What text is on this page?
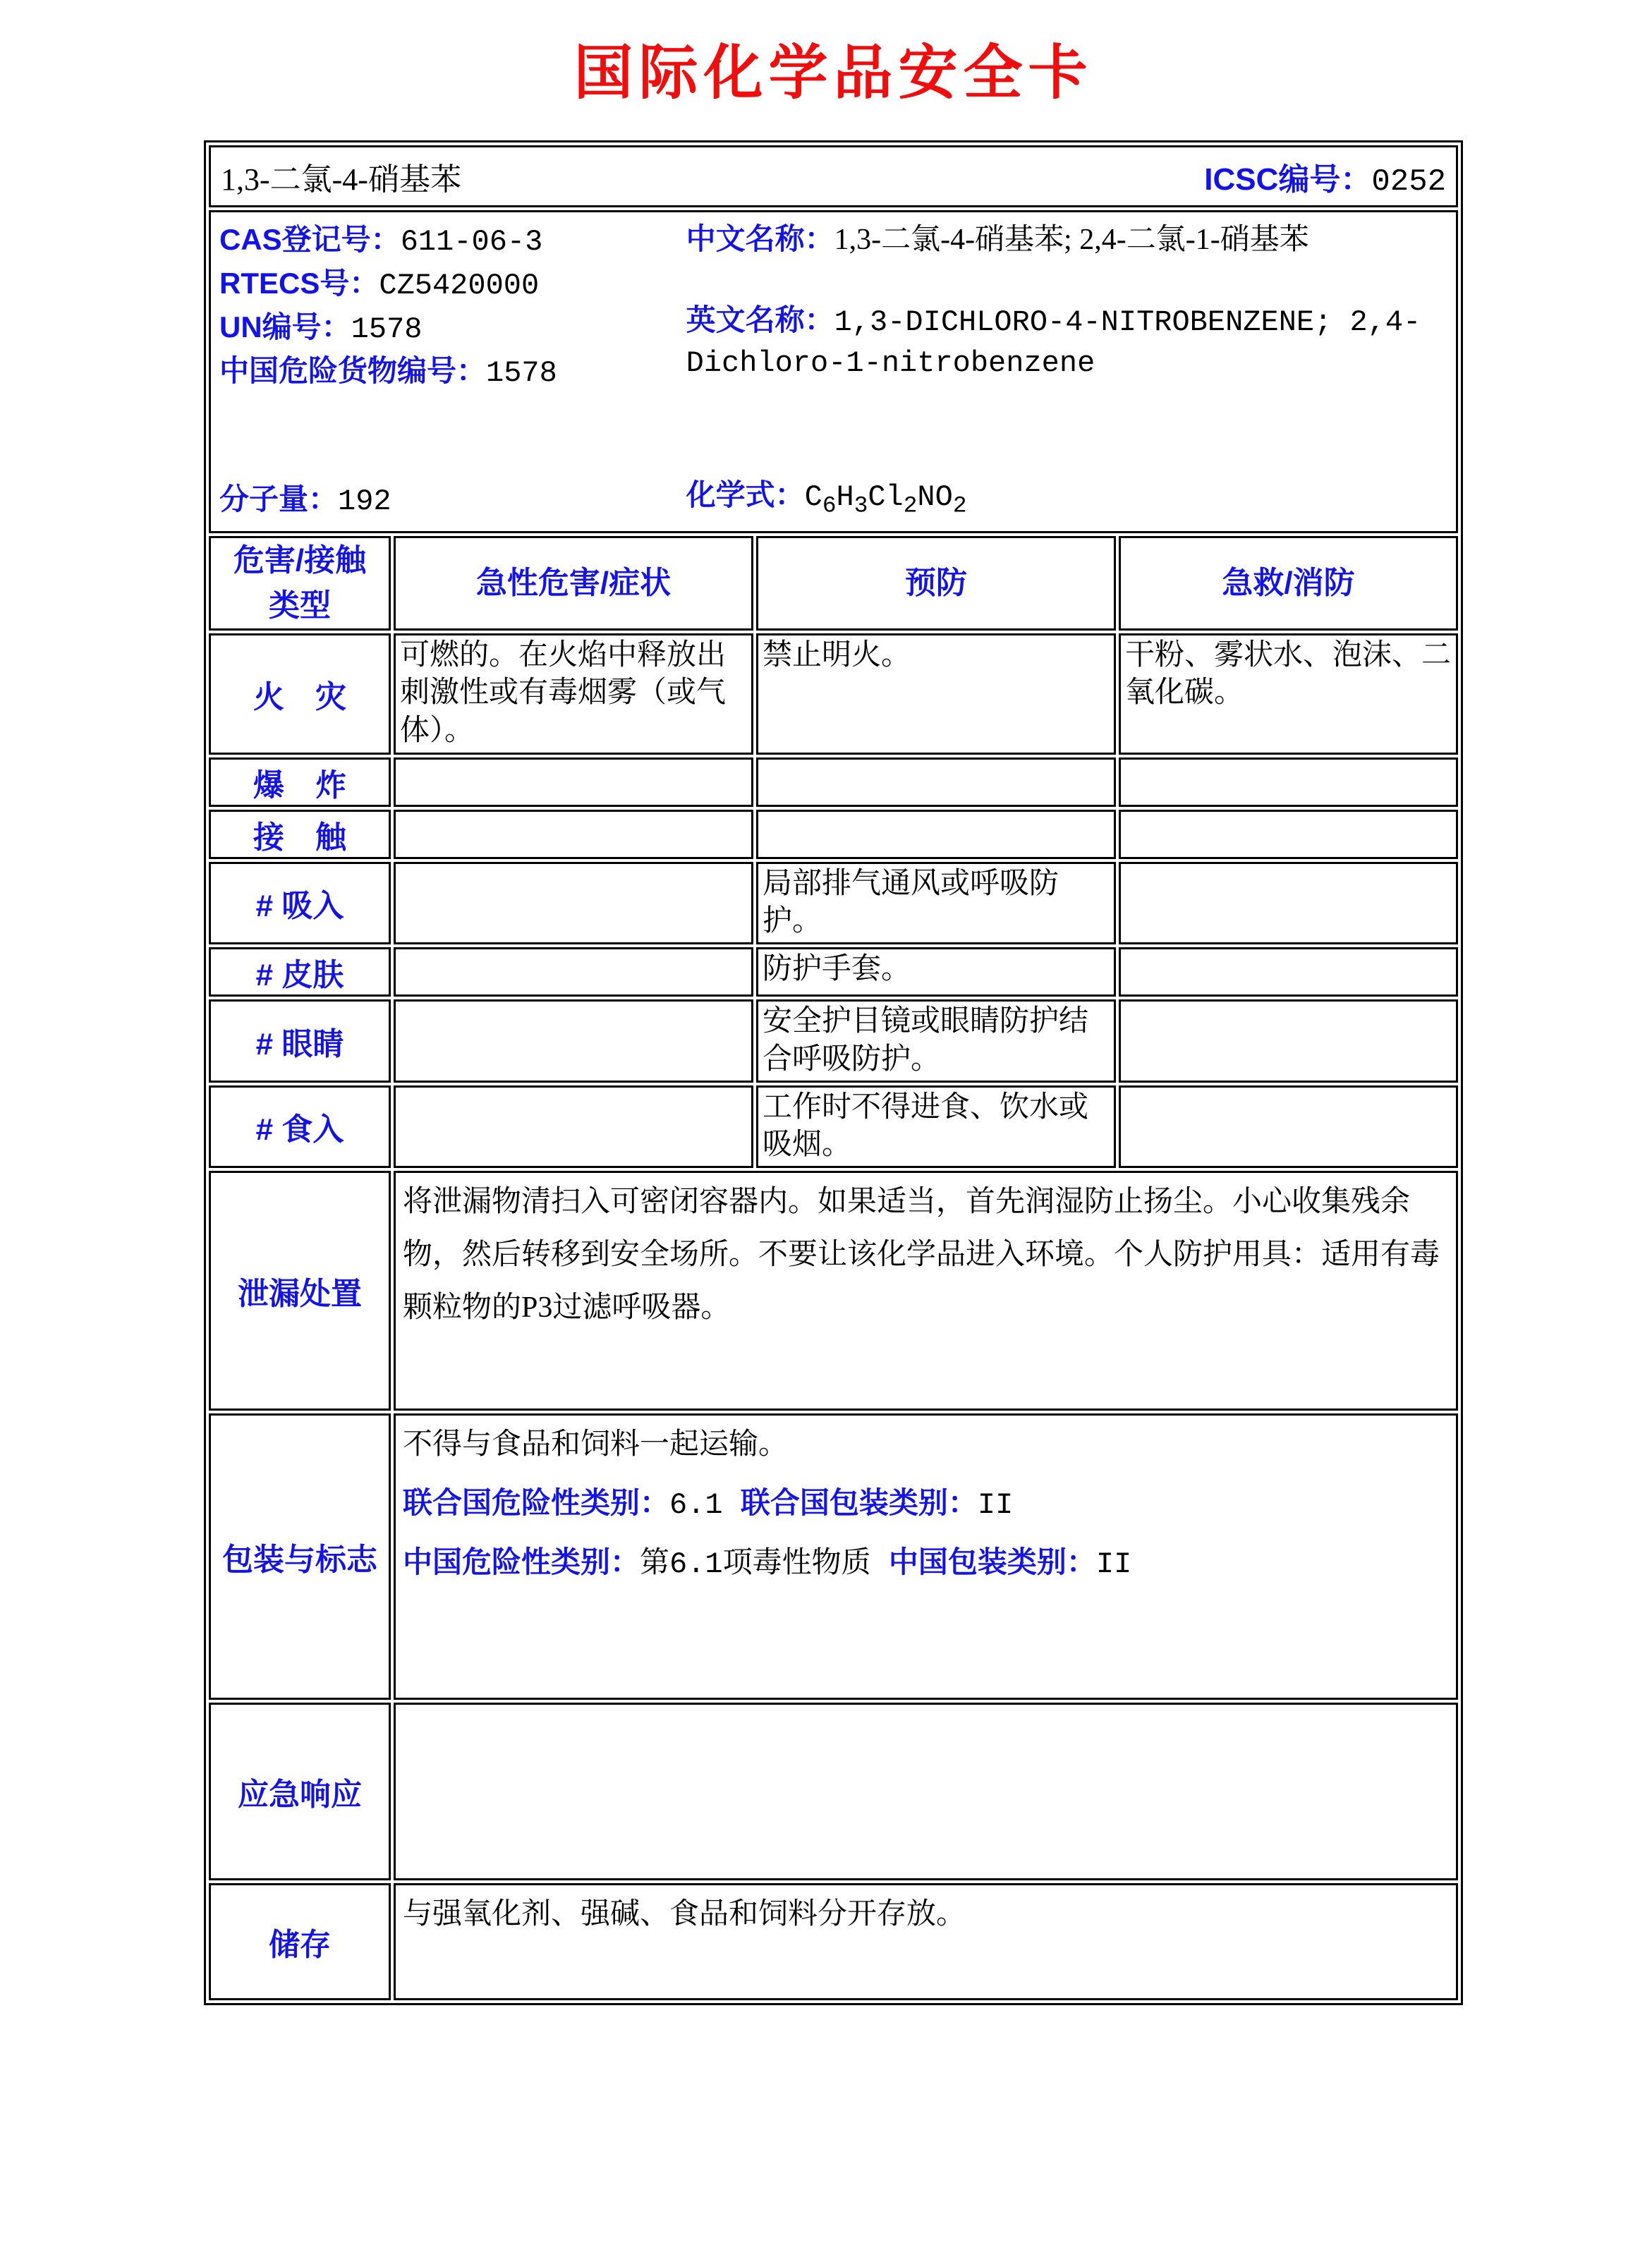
国际化学品安全卡
1,3-二氯-4-硝基苯 ICSC编号：0252			

CAS登记号：611-06-3
RTECS号：CZ5420000
UN编号：1578
中国危险货物编号：1578
中文名称：1,3-二氯-4-硝基苯; 2,4-二氯-1-硝基苯
英文名称：1,3-DICHLORO-4-NITROBENZENE; 2,4-Dichloro-1-nitrobenzene
分子量：192	化学式：$C_6H_3Cl_2NO_2$

危害/接触类型	急性危害/症状	预防	急救/消防
火　灾	可燃的。在火焰中释放出刺激性或有毒烟雾（或气体）。	禁止明火。	干粉、雾状水、泡沫、二氧化碳。
爆　炸			
接　触			
# 吸入		局部排气通风或呼吸防护。	
# 皮肤		防护手套。	
# 眼睛		安全护目镜或眼睛防护结合呼吸防护。	
# 食入		工作时不得进食、饮水或吸烟。	
泄漏处置	将泄漏物清扫入可密闭容器内。如果适当，首先润湿防止扬尘。小心收集残余物，然后转移到安全场所。不要让该化学品进入环境。个人防护用具：适用有毒颗粒物的P3过滤呼吸器。		
包装与标志	不得与食品和饲料一起运输。
联合国危险性类别：6.1 联合国包装类别：II
中国危险性类别：第6.1项毒性物质 中国包装类别：II		

应急响应			
储存	与强氧化剂、强碱、食品和饲料分开存放。		
